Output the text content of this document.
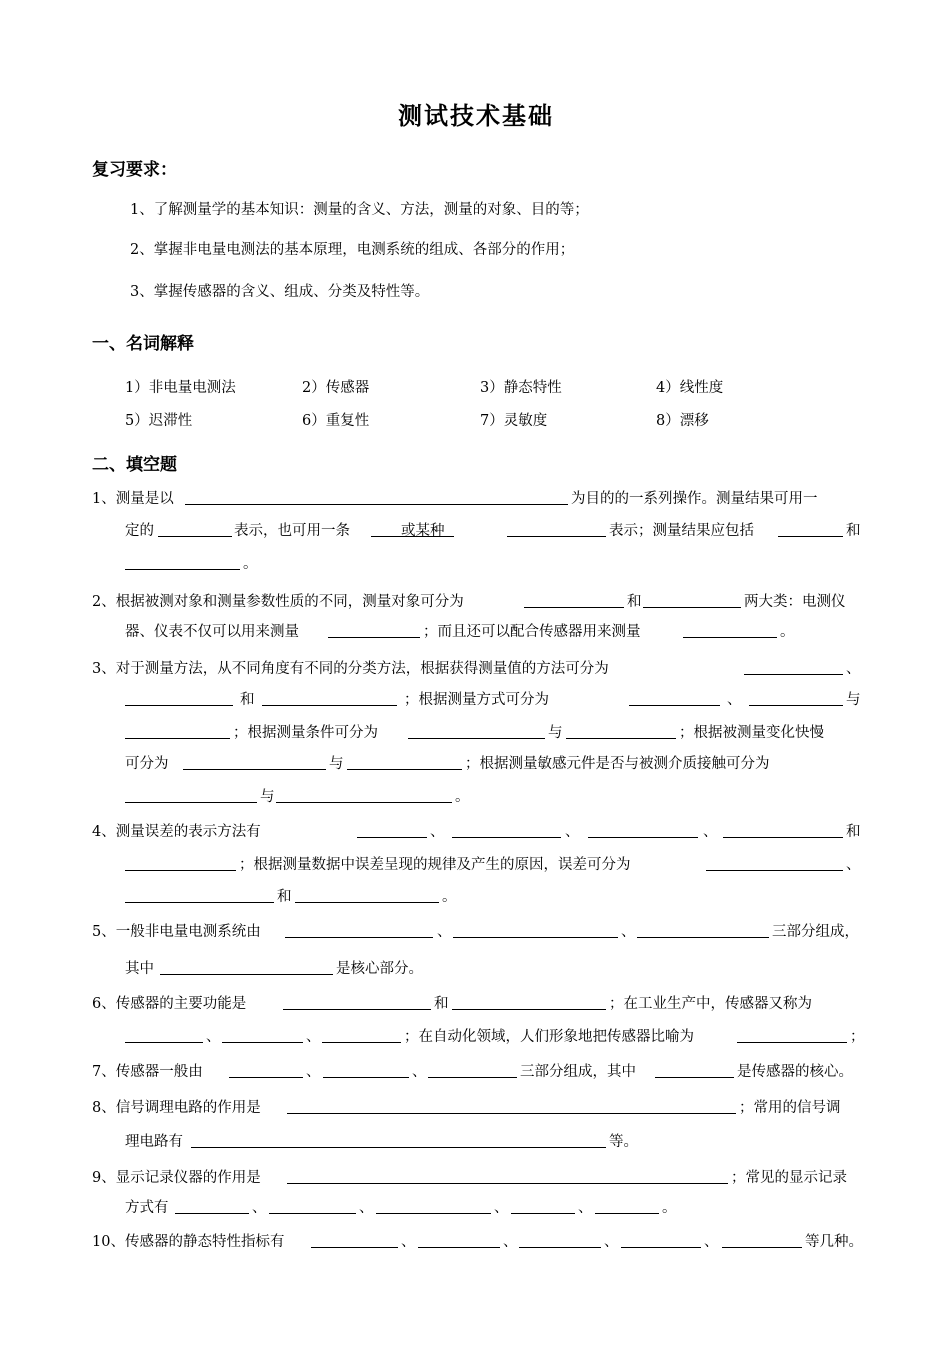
测试技术基础
复习要求：
1、了解测量学的基本知识：测量的含义、方法，测量的对象、目的等；
2、掌握非电量电测法的基本原理，电测系统的组成、各部分的作用；
3、掌握传感器的含义、组成、分类及特性等。
一、名词解释
1）非电量电测法	2）传感器	3）静态特性	4）线性度
5）迟滞性	6）重复性	7）灵敏度	8）漂移
二、填空题
1、测量是以	为目的的一系列操作。测量结果可用一
定的	表示，也可用一条	或某种	表示；测量结果应包括	和
。
2、根据被测对象和测量参数性质的不同，测量对象可分为	和	两大类：电测仪
器、仪表不仅可以用来测量	；而且还可以配合传感器用来测量	。
3、对于测量方法，从不同角度有不同的分类方法，根据获得测量值的方法可分为	、
和	；根据测量方式可分为	、	与
；根据测量条件可分为	与	；根据被测量变化快慢
可分为	与	；根据测量敏感元件是否与被测介质接触可分为
与	。
4、测量误差的表示方法有	、	、	、	和
；根据测量数据中误差呈现的规律及产生的原因，误差可分为	、
和	。
5、一般非电量电测系统由	、	、	三部分组成，
其中	是核心部分。
6、传感器的主要功能是	和	；在工业生产中，传感器又称为
、	、	；在自动化领域，人们形象地把传感器比喻为	；
7、传感器一般由	、	、	三部分组成，其中	是传感器的核心。
8、信号调理电路的作用是	；常用的信号调
理电路有	等。
9、显示记录仪器的作用是	；常见的显示记录
方式有	、	、	、	、	。
10、传感器的静态特性指标有	、	、	、	、	等几种。
